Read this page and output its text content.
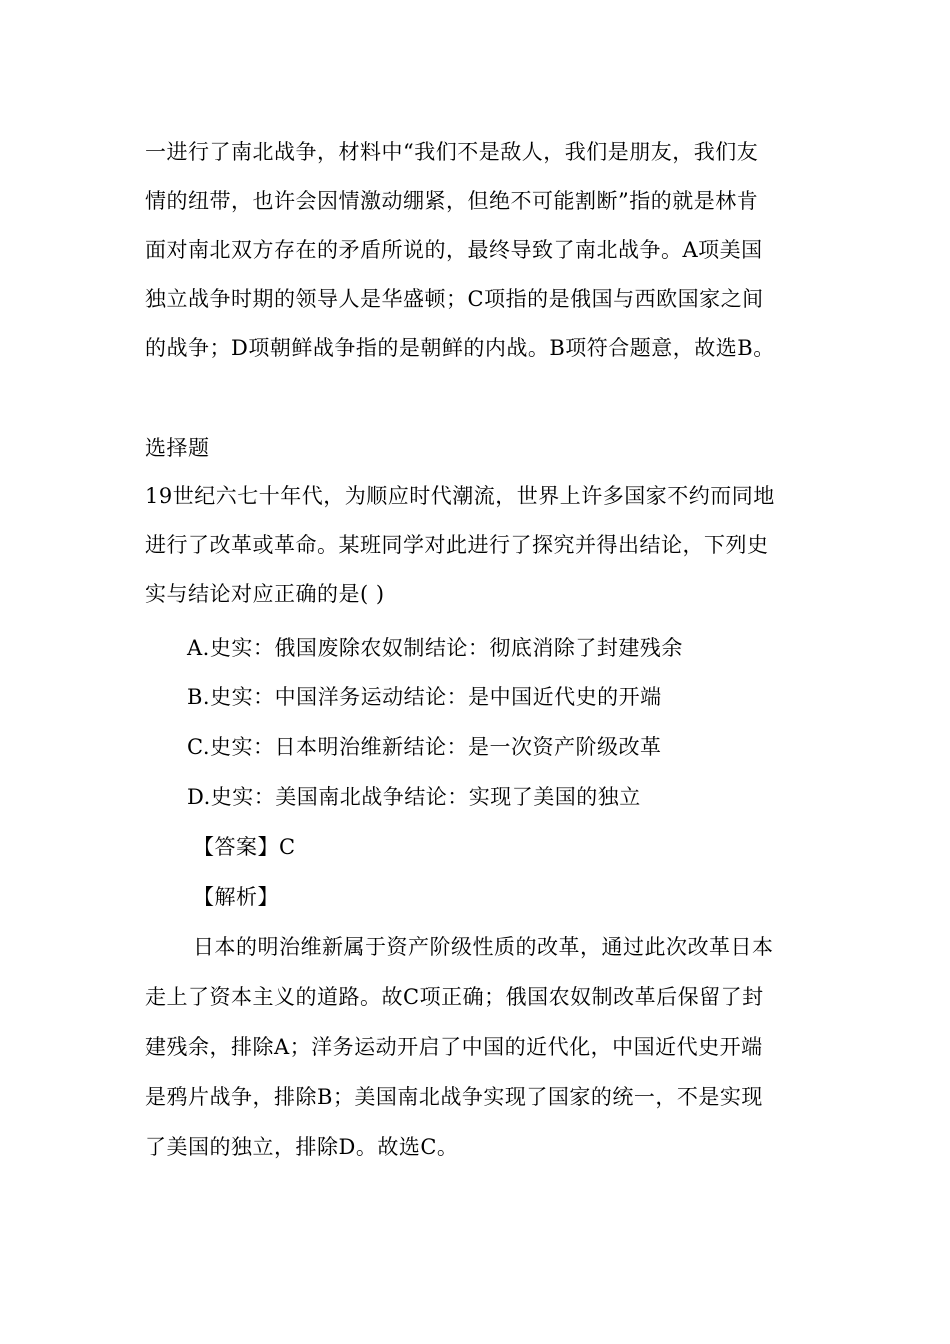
一进行了南北战争，材料中“我们不是敌人，我们是朋友，我们友
情的纽带，也许会因情激动绷紧，但绝不可能割断”指的就是林肯
面对南北双方存在的矛盾所说的，最终导致了南北战争。A项美国
独立战争时期的领导人是华盛顿；C项指的是俄国与西欧国家之间
的战争；D项朝鲜战争指的是朝鲜的内战。B项符合题意，故选B。
选择题
19世纪六七十年代，为顺应时代潮流，世界上许多国家不约而同地
进行了改革或革命。某班同学对此进行了探究并得出结论，下列史
实与结论对应正确的是( )
A.史实：俄国废除农奴制结论：彻底消除了封建残余
B.史实：中国洋务运动结论：是中国近代史的开端
C.史实：日本明治维新结论：是一次资产阶级改革
D.史实：美国南北战争结论：实现了美国的独立
【答案】C
【解析】
日本的明治维新属于资产阶级性质的改革，通过此次改革日本
走上了资本主义的道路。故C项正确；俄国农奴制改革后保留了封
建残余，排除A；洋务运动开启了中国的近代化，中国近代史开端
是鸦片战争，排除B；美国南北战争实现了国家的统一，不是实现
了美国的独立，排除D。故选C。
